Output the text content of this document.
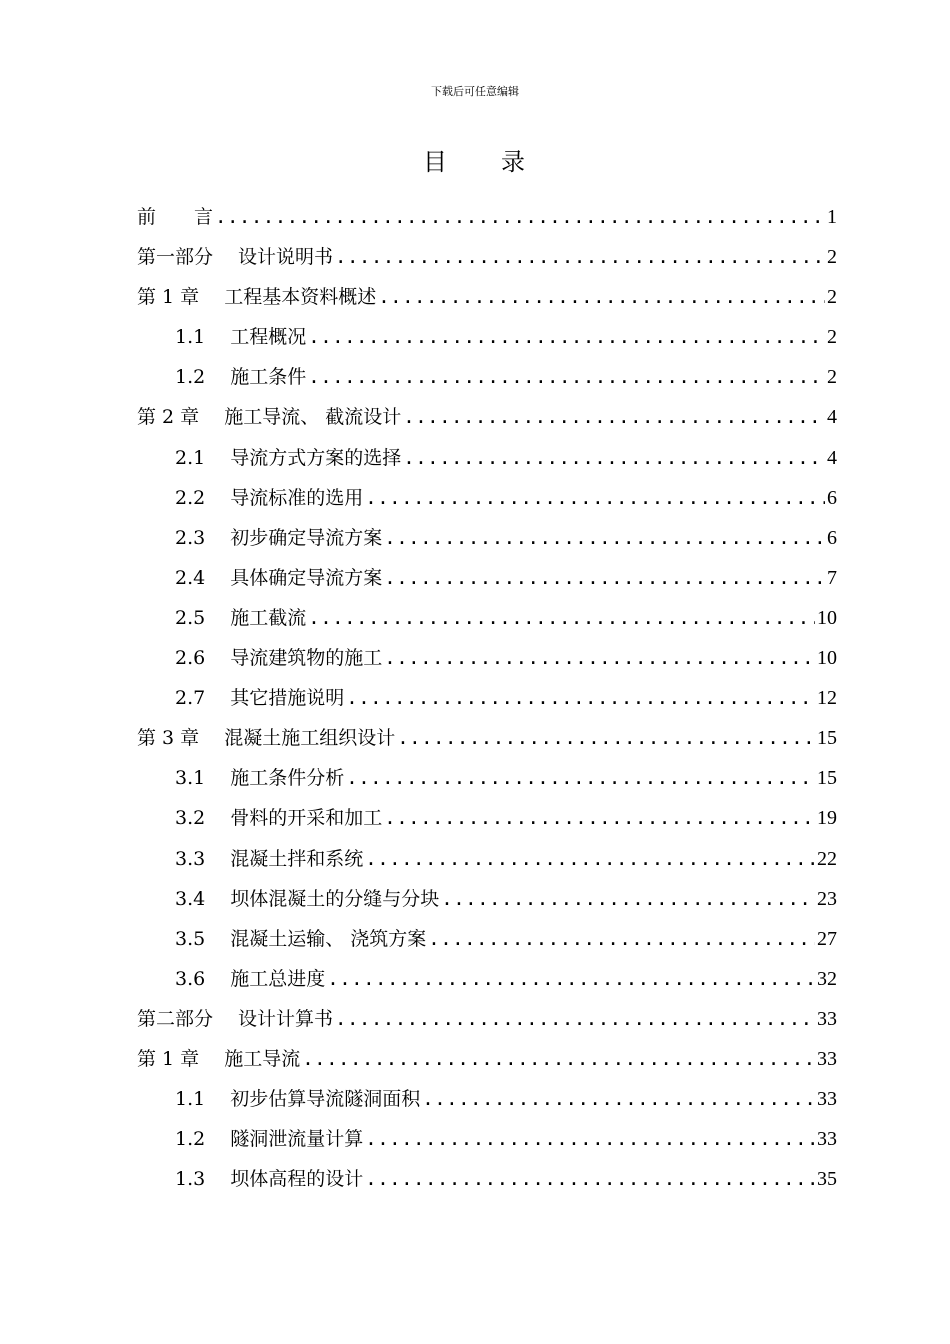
下载后可任意编辑
目　　录
前　　言 .....	1
第一部分　 设计说明书 .....	2
第 1 章　 工程基本资料概述 .....	2
1.1　 工程概况 .....	2
1.2　 施工条件 .....	2
第 2 章　 施工导流、 截流设计 .....	4
2.1　 导流方式方案的选择 .....	4
2.2　 导流标准的选用 .....	6
2.3　 初步确定导流方案 .....	6
2.4　 具体确定导流方案 .....	7
2.5　 施工截流 .....	10
2.6　 导流建筑物的施工 .....	10
2.7　 其它措施说明 .....	12
第 3 章　 混凝土施工组织设计 .....	15
3.1　 施工条件分析 .....	15
3.2　 骨料的开采和加工 .....	19
3.3　 混凝土拌和系统 .....	22
3.4　 坝体混凝土的分缝与分块 .....	23
3.5　 混凝土运输、 浇筑方案 .....	27
3.6　 施工总进度 .....	32
第二部分　 设计计算书 .....	33
第 1 章　 施工导流 .....	33
1.1　 初步估算导流隧洞面积 .....	33
1.2　 隧洞泄流量计算 .....	33
1.3　 坝体高程的设计 .....	35
